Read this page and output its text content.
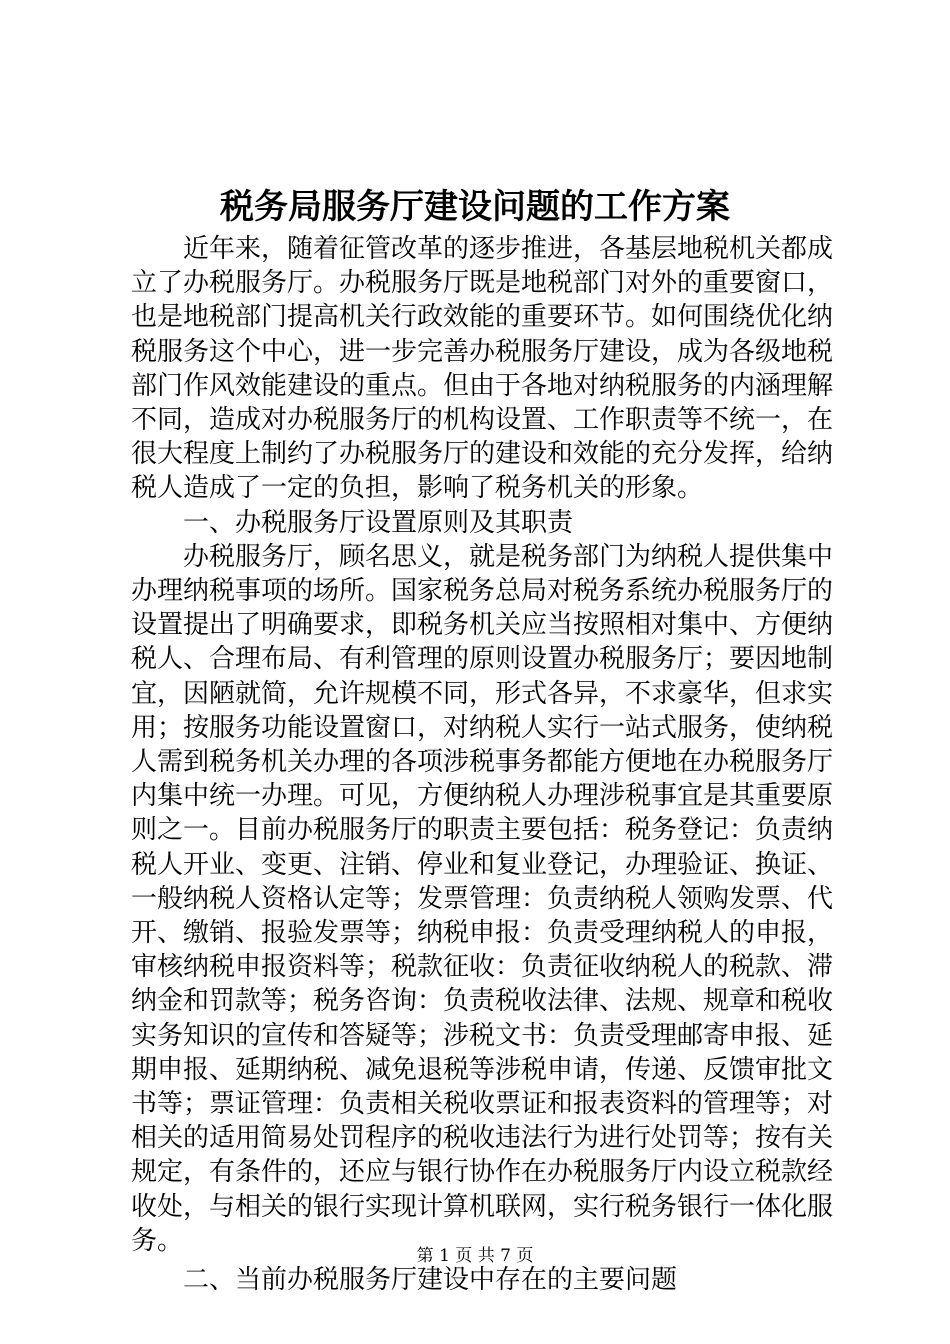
税务局服务厅建设问题的工作方案

近年来，随着征管改革的逐步推进，各基层地税机关都成立了办税服务厅。办税服务厅既是地税部门对外的重要窗口，也是地税部门提高机关行政效能的重要环节。如何围绕优化纳税服务这个中心，进一步完善办税服务厅建设，成为各级地税部门作风效能建设的重点。但由于各地对纳税服务的内涵理解不同，造成对办税服务厅的机构设置、工作职责等不统一，在很大程度上制约了办税服务厅的建设和效能的充分发挥，给纳税人造成了一定的负担，影响了税务机关的形象。

一、办税服务厅设置原则及其职责

办税服务厅，顾名思义，就是税务部门为纳税人提供集中办理纳税事项的场所。国家税务总局对税务系统办税服务厅的设置提出了明确要求，即税务机关应当按照相对集中、方便纳税人、合理布局、有利管理的原则设置办税服务厅；要因地制宜，因陋就简，允许规模不同，形式各异，不求豪华，但求实用；按服务功能设置窗口，对纳税人实行一站式服务，使纳税人需到税务机关办理的各项涉税事务都能方便地在办税服务厅内集中统一办理。可见，方便纳税人办理涉税事宜是其重要原则之一。目前办税服务厅的职责主要包括：税务登记：负责纳税人开业、变更、注销、停业和复业登记，办理验证、换证、一般纳税人资格认定等；发票管理：负责纳税人领购发票、代开、缴销、报验发票等；纳税申报：负责受理纳税人的申报，审核纳税申报资料等；税款征收：负责征收纳税人的税款、滞纳金和罚款等；税务咨询：负责税收法律、法规、规章和税收实务知识的宣传和答疑等；涉税文书：负责受理邮寄申报、延期申报、延期纳税、减免退税等涉税申请，传递、反馈审批文书等；票证管理：负责相关税收票证和报表资料的管理等；对相关的适用简易处罚程序的税收违法行为进行处罚等；按有关规定，有条件的，还应与银行协作在办税服务厅内设立税款经收处，与相关的银行实现计算机联网，实行税务银行一体化服务。

二、当前办税服务厅建设中存在的主要问题

第 1 页 共 7 页
